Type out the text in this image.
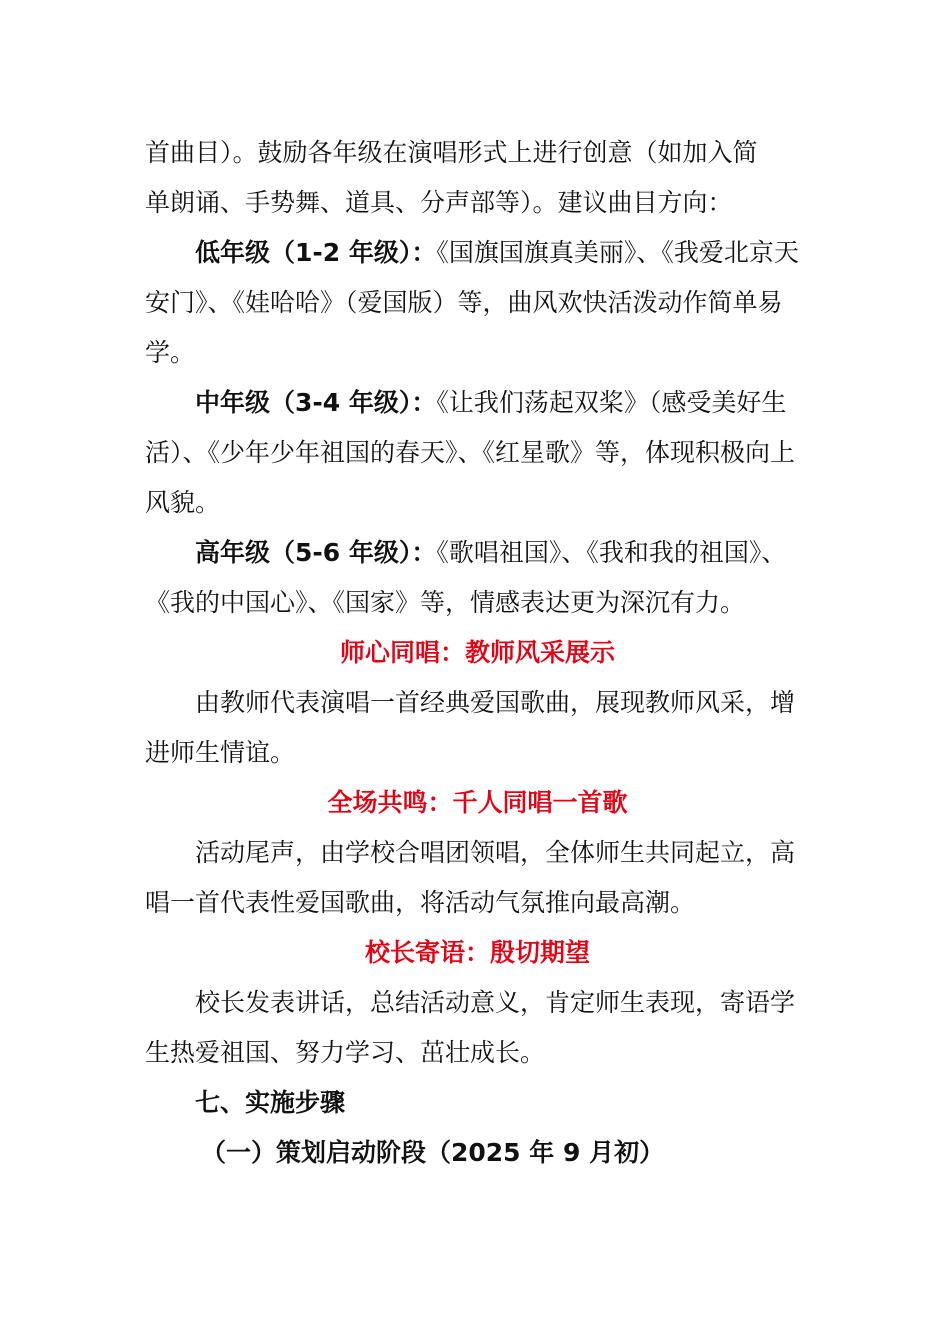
首曲目）。鼓励各年级在演唱形式上进行创意（如加入简

单朗诵、手势舞、道具、分声部等）。建议曲目方向：

低年级（1-2 年级）：《国旗国旗真美丽》、《我爱北京天安门》、《娃哈哈》（爱国版）等，曲风欢快活泼动作简单易学。

中年级（3-4 年级）：《让我们荡起双桨》（感受美好生活）、《少年少年祖国的春天》、《红星歌》等，体现积极向上风貌。

高年级（5-6 年级）：《歌唱祖国》、《我和我的祖国》、《我的中国心》、《国家》等，情感表达更为深沉有力。

师心同唱：教师风采展示

由教师代表演唱一首经典爱国歌曲，展现教师风采，增进师生情谊。

全场共鸣：千人同唱一首歌

活动尾声，由学校合唱团领唱，全体师生共同起立，高唱一首代表性爱国歌曲，将活动气氛推向最高潮。

校长寄语：殷切期望

校长发表讲话，总结活动意义，肯定师生表现，寄语学生热爱祖国、努力学习、茁壮成长。

七、实施步骤

（一）策划启动阶段（2025 年 9 月初）
